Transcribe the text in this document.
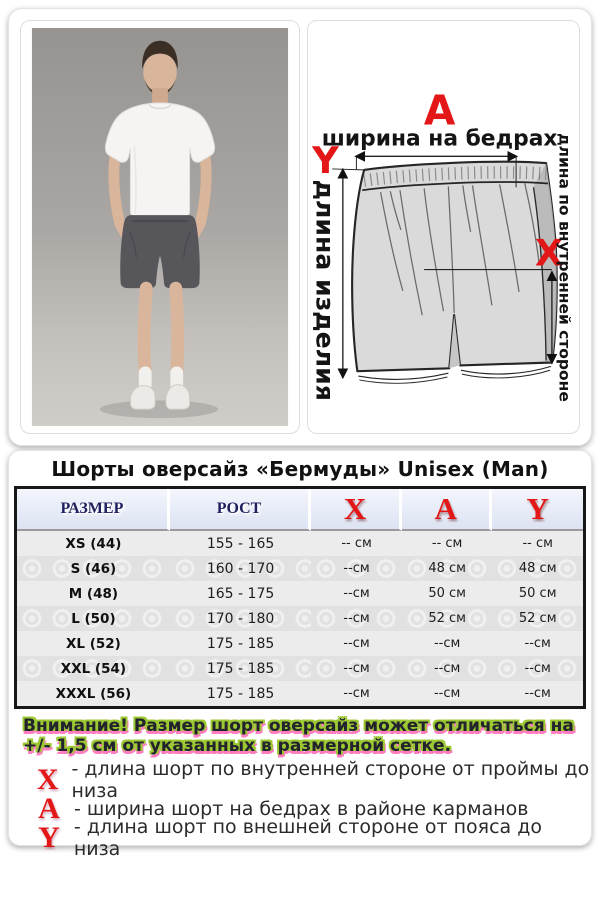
A
ширина на бедрах
Y
длина изделия	X
длина по внутренней стороне
Шорты оверсайз «Бермуды» Unisex (Man)
РАЗМЕР	РОСТ	X	A	Y
XS (44)	155 - 165	-- см	-- см	-- см
S (46)	160 - 170	--см	48 см	48 см
M (48)	165 - 175	--см	50 см	50 см
L (50)	170 - 180	--см	52 см	52 см
XL (52)	175 - 185	--см	--см	--см
XXL (54)	175 - 185	--см	--см	--см
XXXL (56)	175 - 185	--см	--см	--см

Внимание! Размер шорт оверсайз может отличаться на +/- 1,5 см от указанных в размерной сетке.

X - длина шорт по внутренней стороне от проймы до низа
A - ширина шорт на бедрах в районе карманов
Y - длина шорт по внешней стороне от пояса до низа
